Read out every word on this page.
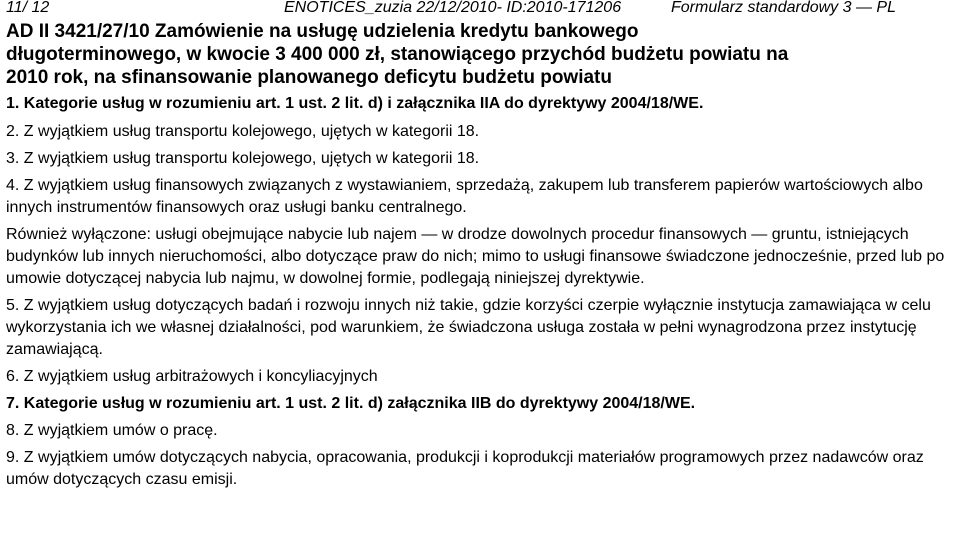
11/ 12	ENOTICES_zuzia 22/12/2010- ID:2010-171206	Formularz standardowy 3 — PL
AD II 3421/27/10 Zamówienie na usługę udzielenia kredytu bankowego
długoterminowego, w kwocie 3 400 000 zł, stanowiącego przychód budżetu powiatu na
2010 rok, na sfinansowanie planowanego deficytu budżetu powiatu

1. Kategorie usług w rozumieniu art. 1 ust. 2 lit. d) i załącznika IIA do dyrektywy 2004/18/WE.

2. Z wyjątkiem usług transportu kolejowego, ujętych w kategorii 18.

3. Z wyjątkiem usług transportu kolejowego, ujętych w kategorii 18.

4. Z wyjątkiem usług finansowych związanych z wystawianiem, sprzedażą, zakupem lub transferem papierów wartościowych albo innych instrumentów finansowych oraz usługi banku centralnego.

Również wyłączone: usługi obejmujące nabycie lub najem — w drodze dowolnych procedur finansowych — gruntu, istniejących budynków lub innych nieruchomości, albo dotyczące praw do nich; mimo to usługi finansowe świadczone jednocześnie, przed lub po umowie dotyczącej nabycia lub najmu, w dowolnej formie, podlegają niniejszej dyrektywie.

5. Z wyjątkiem usług dotyczących badań i rozwoju innych niż takie, gdzie korzyści czerpie wyłącznie instytucja zamawiająca w celu wykorzystania ich we własnej działalności, pod warunkiem, że świadczona usługa została w pełni wynagrodzona przez instytucję zamawiającą.

6. Z wyjątkiem usług arbitrażowych i koncyliacyjnych

7. Kategorie usług w rozumieniu art. 1 ust. 2 lit. d) załącznika IIB do dyrektywy 2004/18/WE.

8. Z wyjątkiem umów o pracę.

9. Z wyjątkiem umów dotyczących nabycia, opracowania, produkcji i koprodukcji materiałów programowych przez nadawców oraz umów dotyczących czasu emisji.
